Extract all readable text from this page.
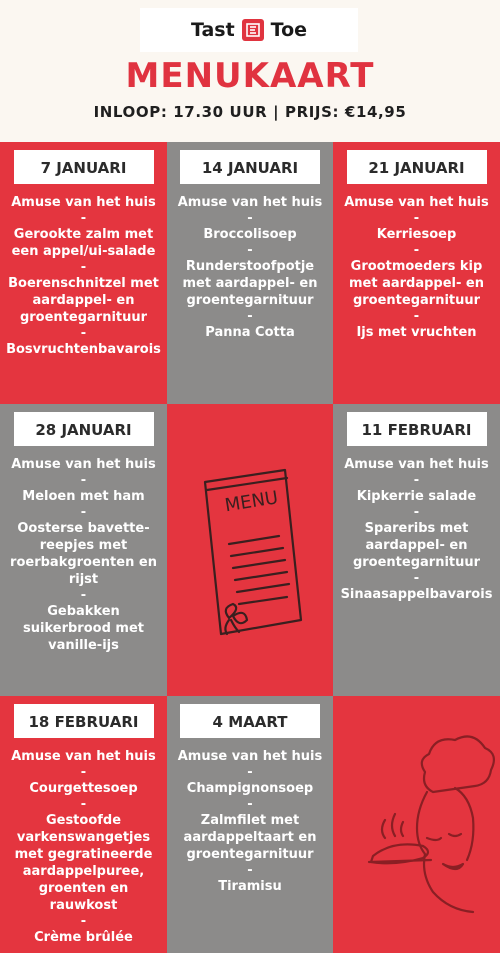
Tast Toe
MENUKAART
INLOOP: 17.30 UUR | PRIJS: €14,95
7 JANUARI
Amuse van het huis
-
Gerookte zalm met een appel/ui-salade
-
Boerenschnitzel met aardappel- en groentegarnituur
-
Bosvruchtenbavarois
14 JANUARI
Amuse van het huis
-
Broccolisoep
-
Runderstoofpotje met aardappel- en groentegarnituur
-
Panna Cotta
21 JANUARI
Amuse van het huis
-
Kerriesoep
-
Grootmoeders kip met aardappel- en groentegarnituur
-
Ijs met vruchten
28 JANUARI
Amuse van het huis
-
Meloen met ham
-
Oosterse bavette-reepjes met roerbakgroenten en rijst
-
Gebakken suikerbrood met vanille-ijs
MENU
11 FEBRUARI
Amuse van het huis
-
Kipkerrie salade
-
Spareribs met aardappel- en groentegarnituur
-
Sinaasappelbavarois
18 FEBRUARI
Amuse van het huis
-
Courgettesoep
-
Gestoofde varkenswangetjes met gegratineerde aardappelpuree, groenten en rauwkost
-
Crème brûlée
4 MAART
Amuse van het huis
-
Champignonsoep
-
Zalmfilet met aardappeltaart en groentegarnituur
-
Tiramisu
